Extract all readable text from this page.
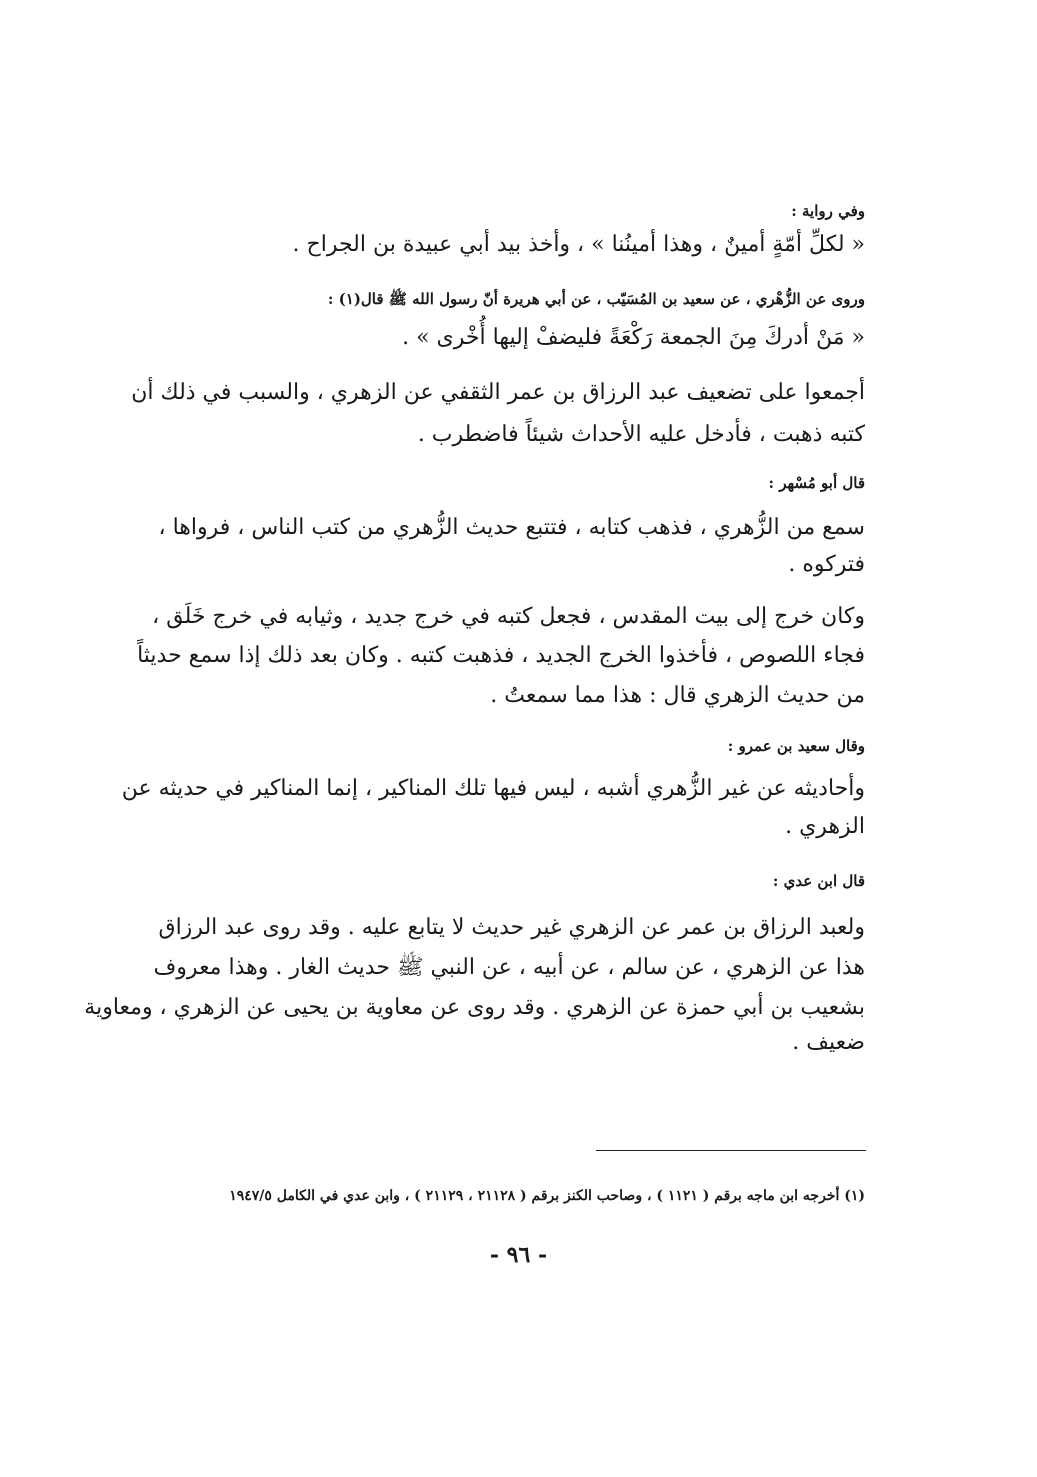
وفي رواية :
« لكلِّ أمّةٍ أمينٌ ، وهذا أمينُنا » ، وأخذ بيد أبي عبيدة بن الجراح .
وروى عن الزُّهْري ، عن سعيد بن المُسَيّب ، عن أبي هريرة أنّ رسول الله ﷺ قال(١) :
« مَنْ أدركَ مِنَ الجمعة رَكْعَةً فليضفْ إليها أُخْرى » .
أجمعوا على تضعيف عبد الرزاق بن عمر الثقفي عن الزهري ، والسبب في ذلك أن
كتبه ذهبت ، فأدخل عليه الأحداث شيئاً فاضطرب .
قال أبو مُسْهر :
سمع من الزُّهري ، فذهب كتابه ، فتتبع حديث الزُّهري من كتب الناس ، فرواها ،
فتركوه .
وكان خرج إلى بيت المقدس ، فجعل كتبه في خرج جديد ، وثيابه في خرج خَلَق ،
فجاء اللصوص ، فأخذوا الخرج الجديد ، فذهبت كتبه . وكان بعد ذلك إذا سمع حديثاً
من حديث الزهري قال : هذا مما سمعتُ .
وقال سعيد بن عمرو :
وأحاديثه عن غير الزُّهري أشبه ، ليس فيها تلك المناكير ، إنما المناكير في حديثه عن
الزهري .
قال ابن عدي :
ولعبد الرزاق بن عمر عن الزهري غير حديث لا يتابع عليه . وقد روى عبد الرزاق
هذا عن الزهري ، عن سالم ، عن أبيه ، عن النبي ﷺ حديث الغار . وهذا معروف
بشعيب بن أبي حمزة عن الزهري . وقد روى عن معاوية بن يحيى عن الزهري ، ومعاوية
ضعيف .
(١) أخرجه ابن ماجه برقم ( ١١٢١ ) ، وصاحب الكنز برقم ( ٢١١٢٨ ، ٢١١٢٩ ) ، وابن عدي في الكامل ١٩٤٧/٥
- ٩٦ -
